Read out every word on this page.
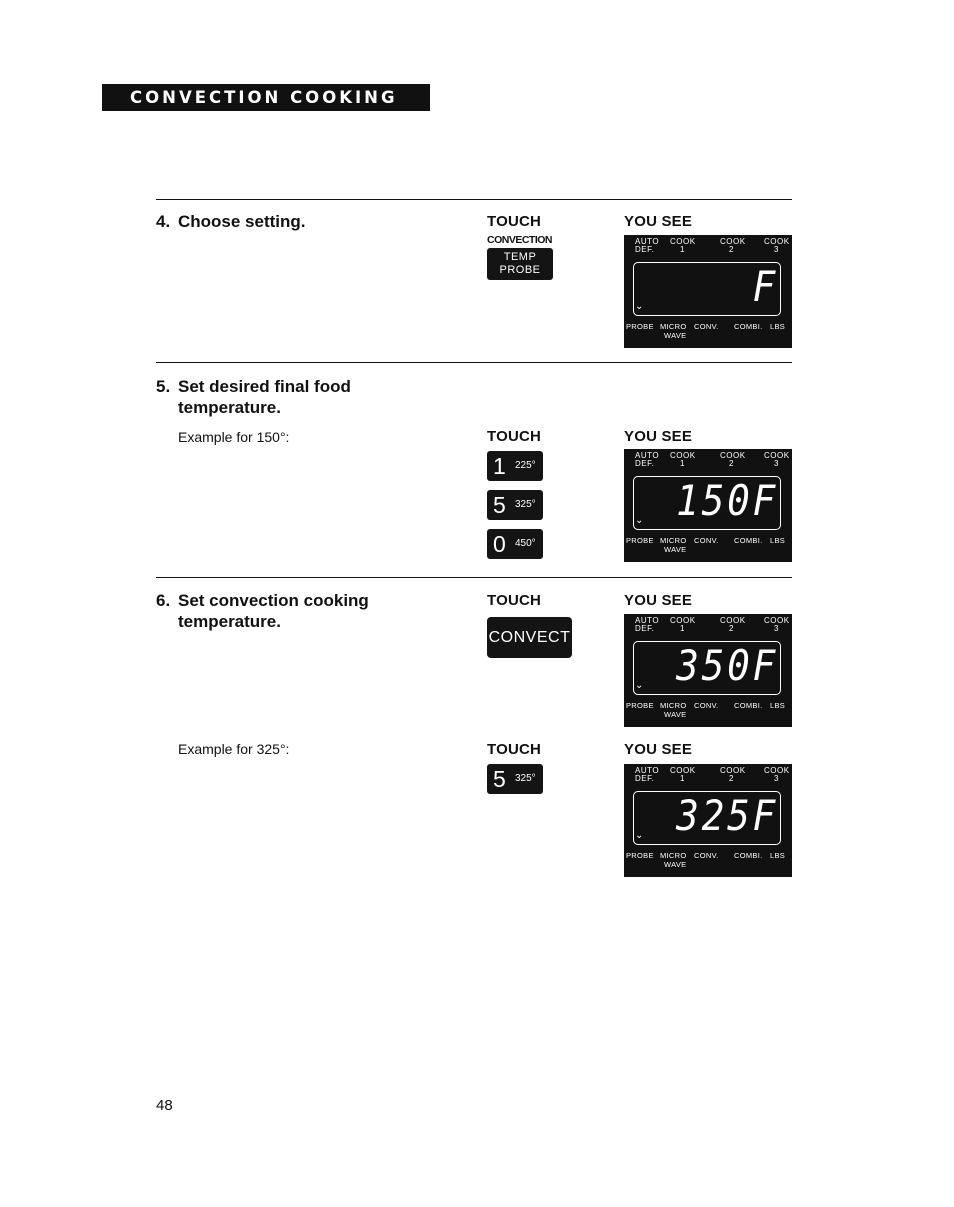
CONVECTION COOKING
4. Choose setting.	TOUCH
CONVECTION
TEMP
PROBE
YOU SEE
AUTO
DEF.
COOK
1
COOK
2
COOK
3
F
⌄
PROBE MICRO
WAVE
CONV. COMBI. LBS
5. Set desired final food
temperature.
Example for 150°:	TOUCH
1 225°
5 325°
0 450°
YOU SEE
AUTO
DEF.
COOK
1
COOK
2
COOK
3
150F
⌄
PROBE MICRO
WAVE
CONV. COMBI. LBS
6. Set convection cooking
temperature.
TOUCH
CONVECT
YOU SEE
AUTO
DEF.
COOK
1
COOK
2
COOK
3
350F
⌄
PROBE MICRO
WAVE
CONV. COMBI. LBS
Example for 325°:	TOUCH
5 325°
YOU SEE
AUTO
DEF.
COOK
1
COOK
2
COOK
3
325F
⌄
PROBE MICRO
WAVE
CONV. COMBI. LBS
48
